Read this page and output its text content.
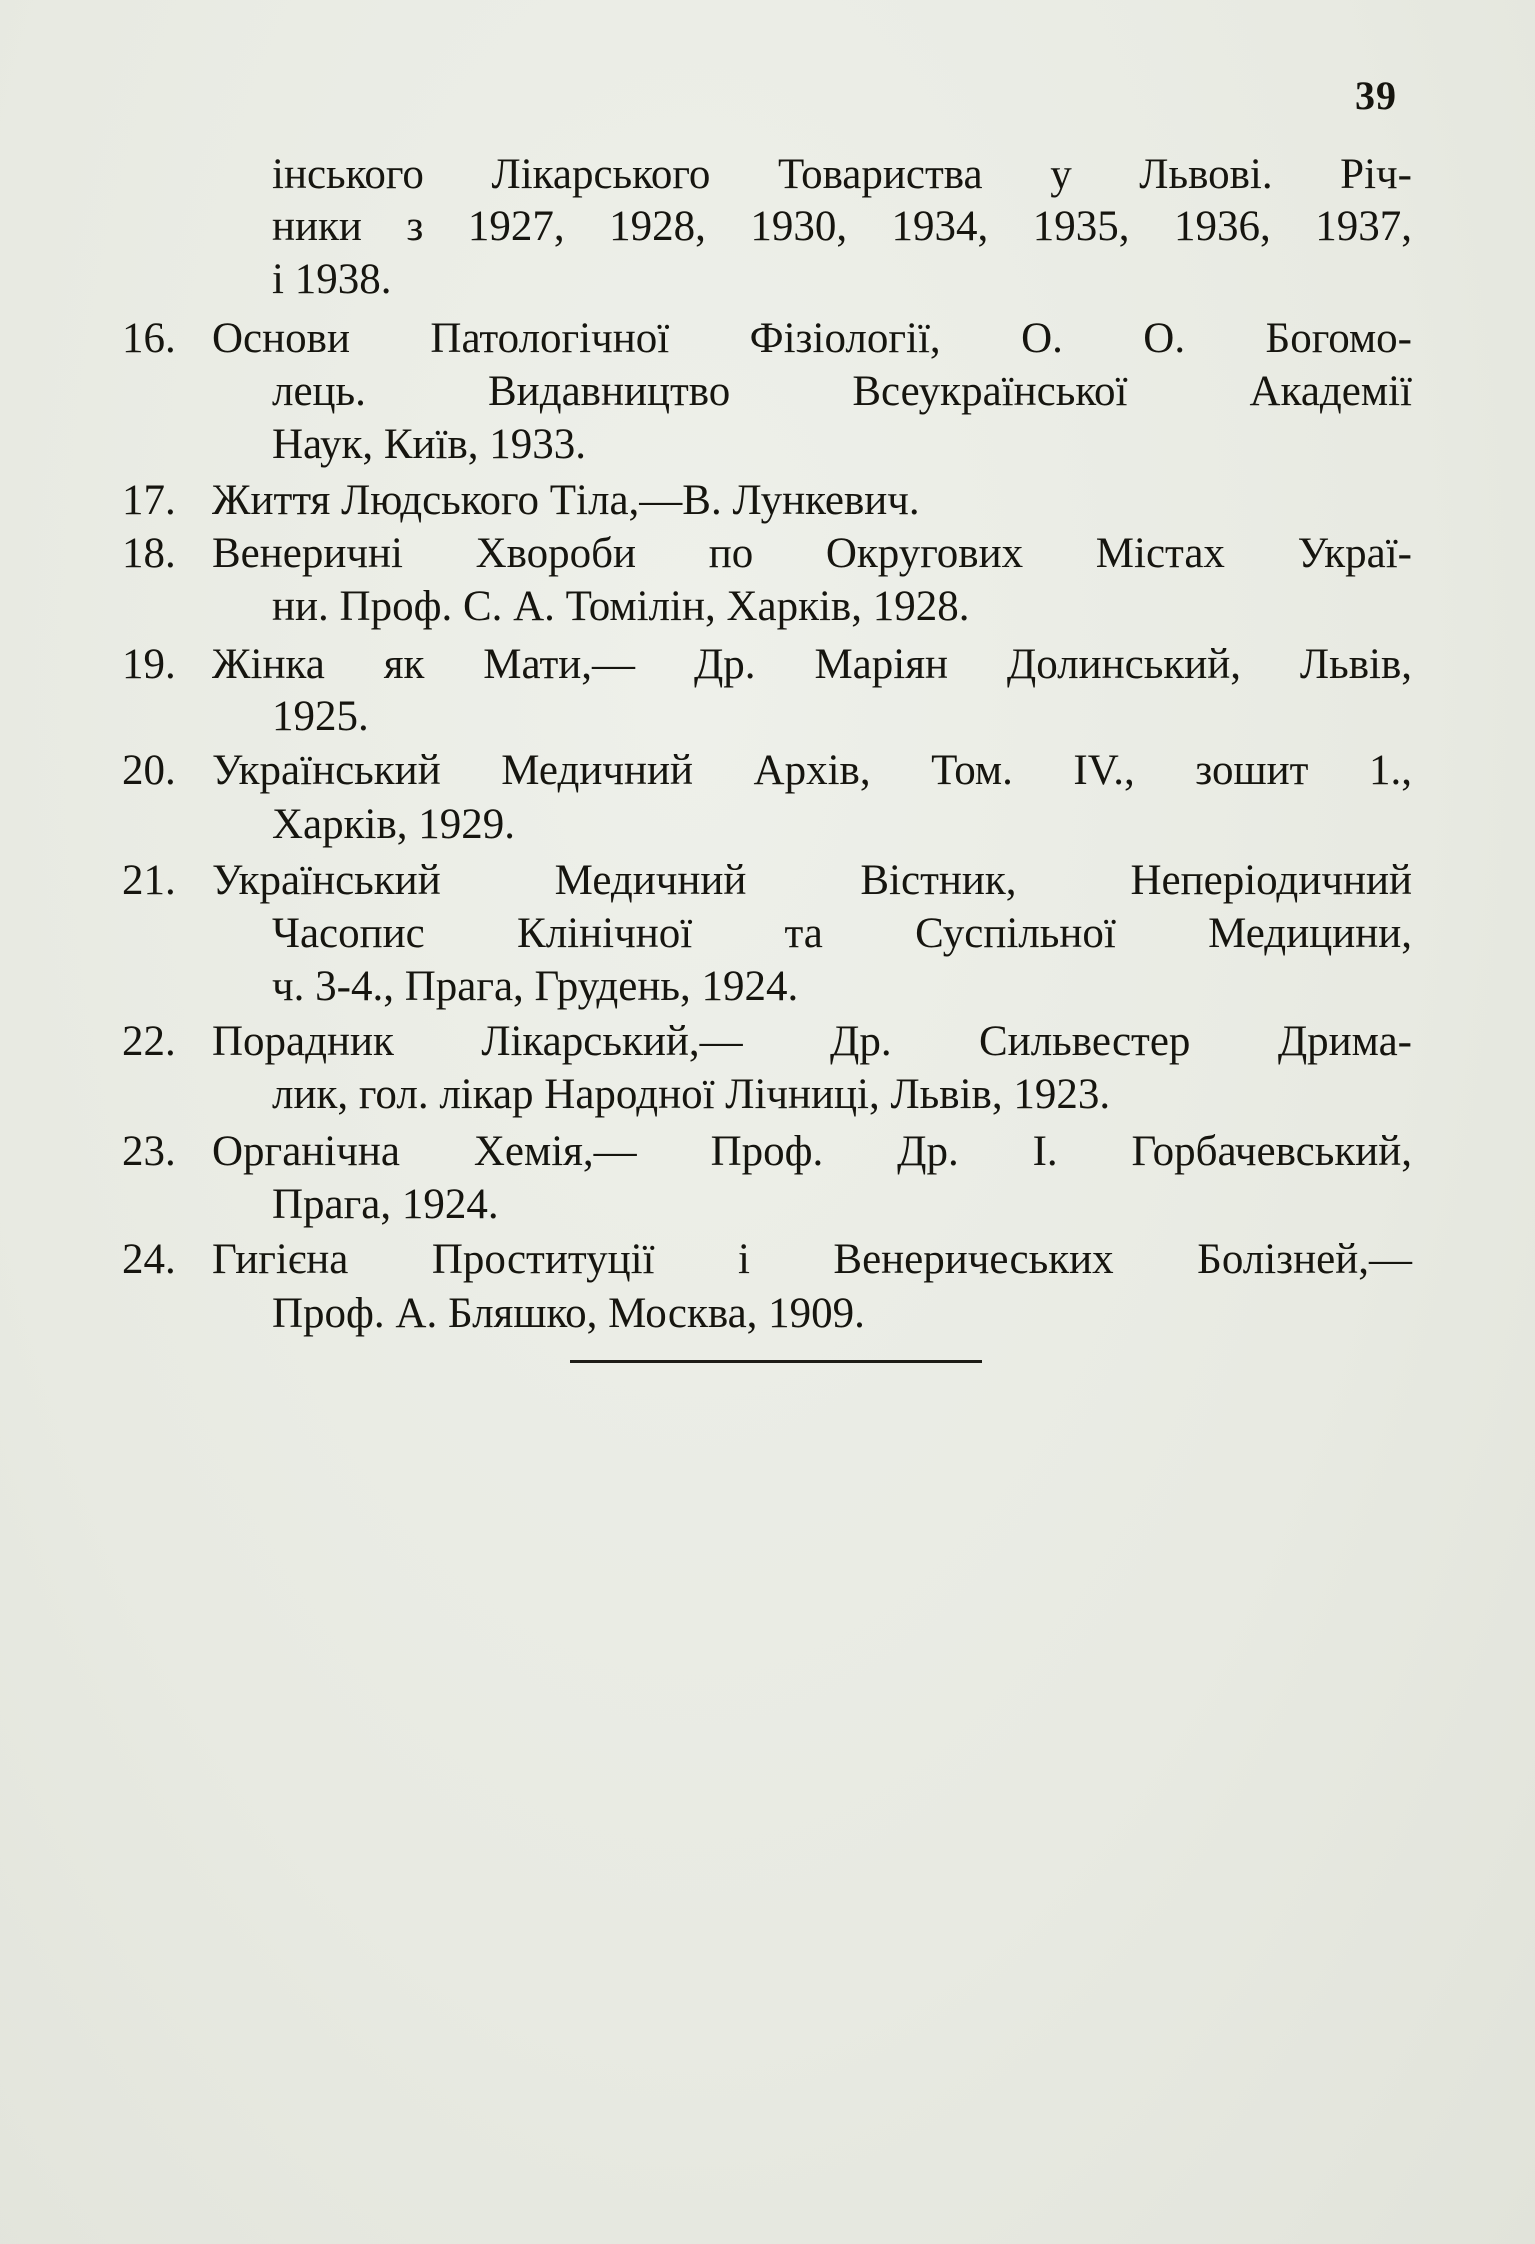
39
інського Лікарського Товариства у Львові. Річ-
ники з 1927, 1928, 1930, 1934, 1935, 1936, 1937,
і 1938.
16. Основи Патологічної Фізіології, О. О. Богомо-
лець. Видавництво Всеукраїнської Академії
Наук, Київ, 1933.
17. Життя Людського Тіла,—В. Лункевич.
18. Венеричні Хвороби по Округових Містах Украї-
ни. Проф. С. А. Томілін, Харків, 1928.
19. Жінка як Мати,— Др. Маріян Долинський, Львів,
1925.
20. Український Медичний Архів, Том. IV., зошит 1.,
Харків, 1929.
21. Український Медичний Вістник, Неперіодичний
Часопис Клінічної та Суспільної Медицини,
ч. 3-4., Прага, Грудень, 1924.
22. Порадник Лікарський,— Др. Сильвестер Дрима-
лик, гол. лікар Народної Лічниці, Львів, 1923.
23. Органічна Хемія,— Проф. Др. І. Горбачевський,
Прага, 1924.
24. Гигієна Проституції і Венеричеських Болізней,—
Проф. А. Бляшко, Москва, 1909.
